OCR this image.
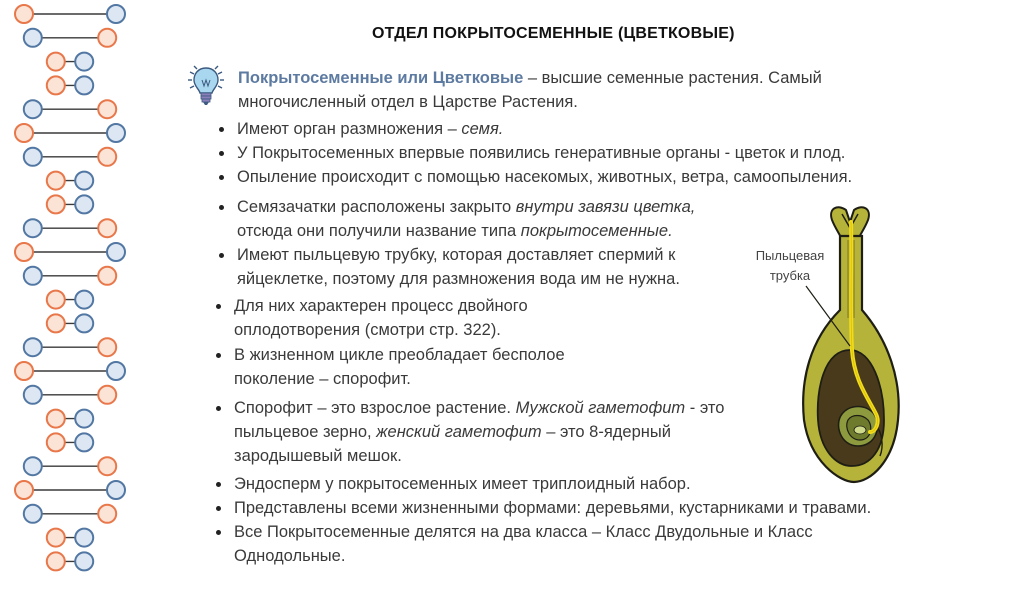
ОТДЕЛ ПОКРЫТОСЕМЕННЫЕ (ЦВЕТКОВЫЕ)
Покрытосеменные или Цветковые – высшие семенные растения. Самый многочисленный отдел в Царстве Растения.
Имеют орган размножения – семя.
У Покрытосеменных впервые появились генеративные органы - цветок и плод.
Опыление происходит с помощью насекомых, животных, ветра, самоопыления.
Семязачатки расположены закрыто внутри завязи цветка,
отсюда они получили название типа покрытосеменные.
Имеют пыльцевую трубку, которая доставляет спермий к
яйцеклетке, поэтому для размножения вода им не нужна.
Для них характерен процесс двойного
оплодотворения (смотри стр. 322).
В жизненном цикле преобладает бесполое
поколение – спорофит.
Спорофит – это взрослое растение. Мужской гаметофит - это
пыльцевое зерно, женский гаметофит – это 8-ядерный
зародышевый мешок.
Эндосперм у покрытосеменных имеет триплоидный набор.
Представлены всеми жизненными формами: деревьями, кустарниками и травами.
Все Покрытосеменные делятся на два класса – Класс Двудольные и Класс
Однодольные.
Пыльцевая трубка
